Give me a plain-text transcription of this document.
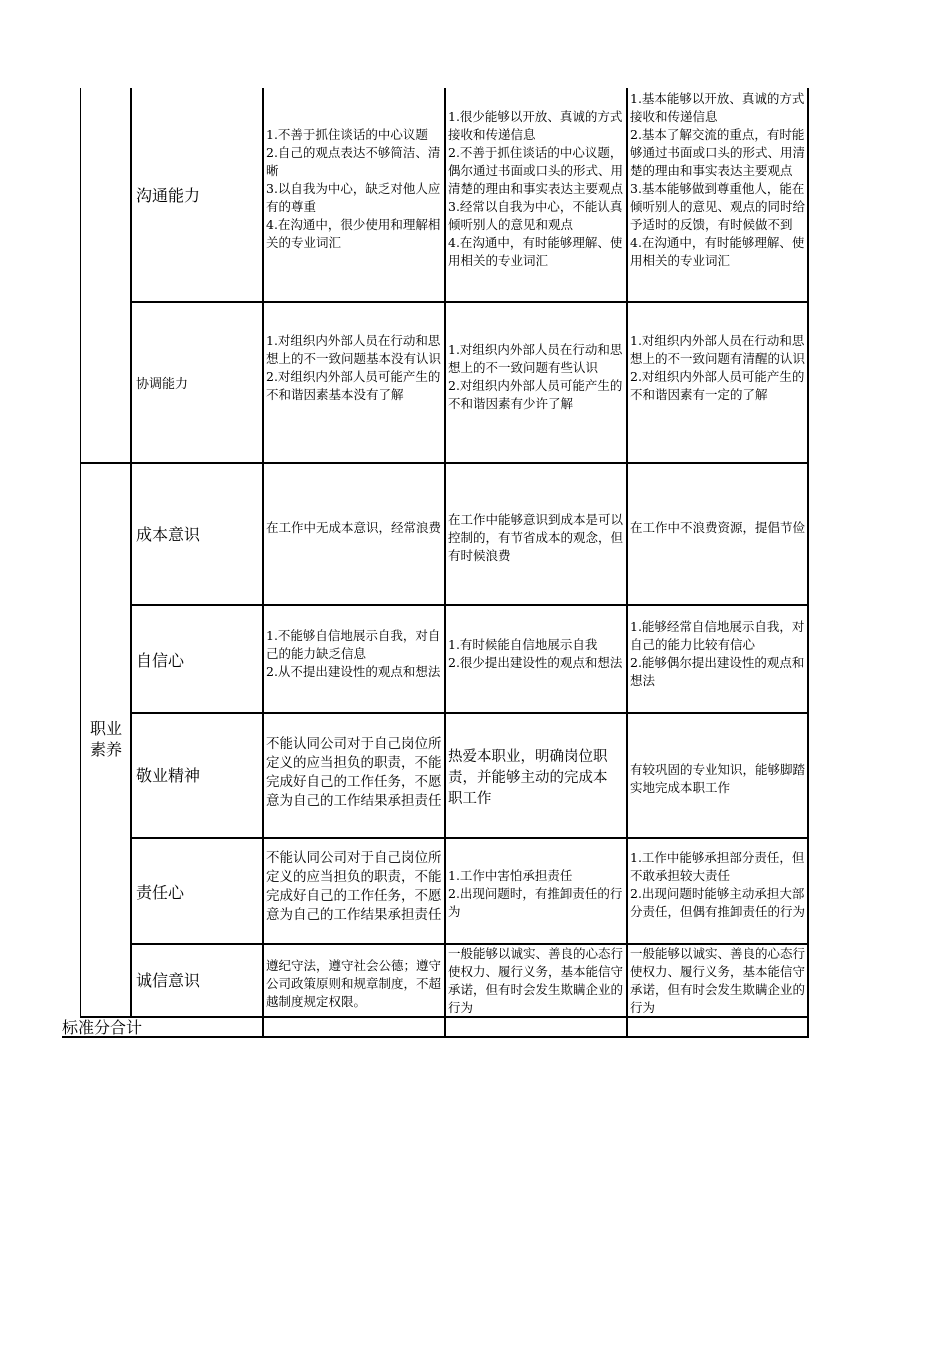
沟通能力
1.不善于抓住谈话的中心议题
2.自己的观点表达不够简洁、清晰
3.以自我为中心，缺乏对他人应有的尊重
4.在沟通中，很少使用和理解相关的专业词汇
1.很少能够以开放、真诚的方式接收和传递信息
2.不善于抓住谈话的中心议题，偶尔通过书面或口头的形式、用清楚的理由和事实表达主要观点
3.经常以自我为中心，不能认真倾听别人的意见和观点
4.在沟通中，有时能够理解、使用相关的专业词汇
1.基本能够以开放、真诚的方式接收和传递信息
2.基本了解交流的重点，有时能够通过书面或口头的形式、用清楚的理由和事实表达主要观点
3.基本能够做到尊重他人，能在倾听别人的意见、观点的同时给予适时的反馈，有时候做不到
4.在沟通中，有时能够理解、使用相关的专业词汇
协调能力
1.对组织内外部人员在行动和思想上的不一致问题基本没有认识
2.对组织内外部人员可能产生的不和谐因素基本没有了解
1.对组织内外部人员在行动和思想上的不一致问题有些认识
2.对组织内外部人员可能产生的不和谐因素有少许了解
1.对组织内外部人员在行动和思想上的不一致问题有清醒的认识
2.对组织内外部人员可能产生的不和谐因素有一定的了解
职业素养
成本意识	在工作中无成本意识，经常浪费
在工作中能够意识到成本是可以控制的，有节省成本的观念，但有时候浪费
在工作中不浪费资源，提倡节俭
自信心
1.不能够自信地展示自我，对自己的能力缺乏信息
2.从不提出建设性的观点和想法
1.有时候能自信地展示自我
2.很少提出建设性的观点和想法
1.能够经常自信地展示自我，对自己的能力比较有信心
2.能够偶尔提出建设性的观点和想法
敬业精神
不能认同公司对于自己岗位所定义的应当担负的职责，不能完成好自己的工作任务，不愿意为自己的工作结果承担责任
热爱本职业，明确岗位职责，并能够主动的完成本职工作
有较巩固的专业知识，能够脚踏实地完成本职工作
责任心
不能认同公司对于自己岗位所定义的应当担负的职责，不能完成好自己的工作任务，不愿意为自己的工作结果承担责任
1.工作中害怕承担责任
2.出现问题时，有推卸责任的行为
1.工作中能够承担部分责任，但不敢承担较大责任
2.出现问题时能够主动承担大部分责任，但偶有推卸责任的行为
诚信意识
遵纪守法，遵守社会公德；遵守公司政策原则和规章制度，不超越制度规定权限。
一般能够以诚实、善良的心态行使权力、履行义务，基本能信守承诺，但有时会发生欺瞒企业的行为
一般能够以诚实、善良的心态行使权力、履行义务，基本能信守承诺，但有时会发生欺瞒企业的行为
标准分合计
